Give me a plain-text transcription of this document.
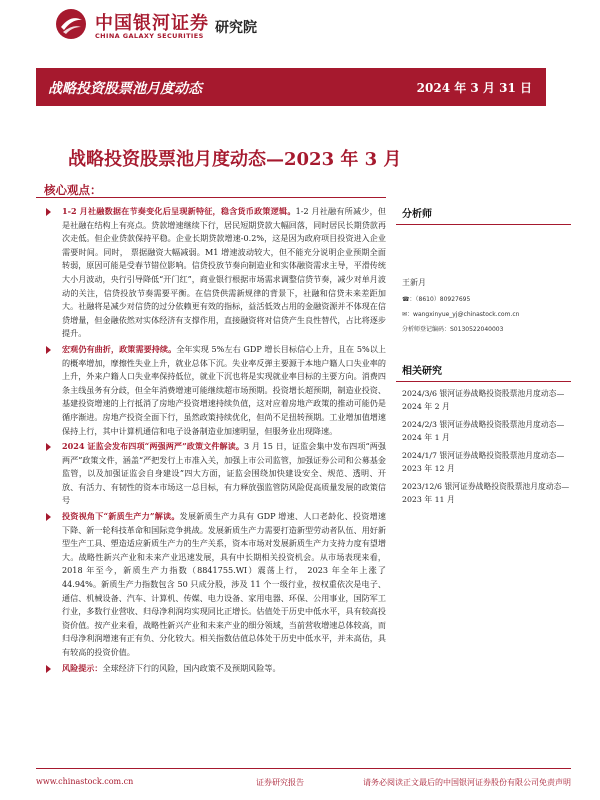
中国银河证券
CHINA GALAXY SECURITIES 研究院
战略投资股票池月度动态	2024 年 3 月 31 日
战略投资股票池月度动态—2023 年 3 月
核心观点：
1-2 月社融数据在节奏变化后呈现新特征，稳含货币政策逻辑。1-2 月社融有所减少，但是社融在结构上有亮点。贷款增速继续下行，居民短期贷款大幅回落，同时居民长期贷款再次走低。但企业贷款保持平稳。企业长期贷款增速-0.2%，这是因为政府项目投资进入企业需要时间。同时， 票据融资大幅减弱。M1 增速波动较大，但不能充分说明企业预期全面转弱，原因可能是受春节错位影响。信贷投放节奏向制造业和实体融资需求主导，平滑传统大小月波动，央行引导降低“开门红”，商业银行根据市场需求调整信贷节奏，减少对单月波动的关注，信贷投放节奏需要平衡。在信贷供需新规律的背景下，社融和信贷未来差距加大。社融将是减少对信贷的过分依赖更有效的指标，益活低效占用的金融资源并不体现在信贷增量，但金融依然对实体经济有支撑作用，直接融资将对信贷产生良性替代，占比将逐步提升。
宏观仍有曲折，政策需要持续。全年实现 5%左右 GDP 增长目标信心上升，且在 5%以上的概率增加，摩擦性失业上升，就业总体下沉。失业率反弹主要源于本地户籍人口失业率的上升，外来户籍人口失业率保持低位，就业下沉也将是实现就业率目标的主要方向。消费四条主线虽务有分歧，但全年消费增速可能继续超市场预期。投资增长超预期，制造业投资、基建投资增速的上行抵消了房地产投资增速持续负值，这对应着房地产政策的推动可能仍是循序渐进。房地产投资全面下行，虽然政策持续优化，但尚不足扭转预期。工业增加值增速保持上行，其中计算机通信和电子设备制造业加速明显，但服务业出现降速。
2024 证监会发布四项“两强两严”政策文件解读。3 月 15 日，证监会集中发布四项“两强两严”政策文件，涵盖“严把发行上市准入关，加强上市公司监管，加强证券公司和公募基金监管，以及加强证监会自身建设”四大方面，证监会围绕加快建设安全、规范、透明、开放、有活力、有韧性的资本市场这一总目标，有力释放强监管防风险促高质量发展的政策信号
投资视角下“新质生产力”解读。发展新质生产力具有 GDP 增速、人口老龄化、投资增速下降、新一轮科技革命和国际竞争挑战。发展新质生产力需要打造新型劳动者队伍、用好新型生产工具、塑造适应新质生产力的生产关系，资本市场对发展新质生产力支持力度有望增大。战略性新兴产业和未来产业迅速发展，具有中长期相关投资机会。从市场表现来看，2018 年至今，新质生产力指数（8841755.WI）震荡上行， 2023 年全年上涨了 44.94%。新质生产力指数包含 50 只成分股，涉及 11 个一级行业，按权重依次是电子、通信、机械设备、汽车、计算机、传媒、电力设备、家用电器、环保、公用事业，国防军工行业，多数行业营收、归母净利润均实现同比正增长。估值处于历史中低水平，具有较高投资价值。按产业来看，战略性新兴产业和未来产业的细分领域，当前营收增速总体较高，而归母净利润增速有正有负、分化较大。相关指数估值总体处于历史中低水平，并未高估，具有较高的投资价值。
风险提示：全球经济下行的风险，国内政策不及预期风险等。
分析师
王新月
☎：（8610）80927695
✉：wangxinyue_yj@chinastock.com.cn
分析师登记编码：S0130522040003
相关研究
2024/3/6 银河证券战略投资股票池月度动态—2024 年 2 月
2024/2/3 银河证券战略投资股票池月度动态—2024 年 1 月
2024/1/7 银河证券战略投资股票池月度动态—2023 年 12 月
2023/12/6 银河证券战略投资股票池月度动态—2023 年 11 月
www.chinastock.com.cn	证券研究报告	请务必阅读正文最后的中国银河证券股份有限公司免责声明
